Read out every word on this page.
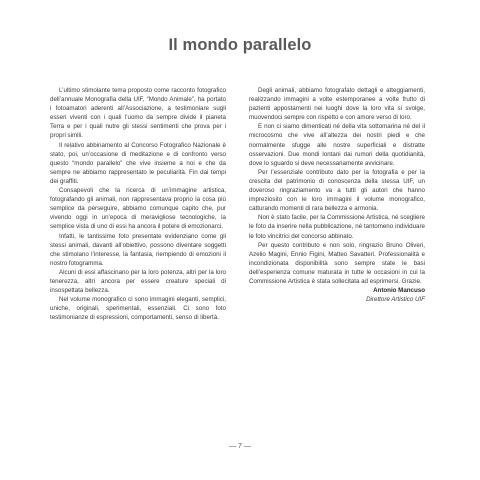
Il mondo parallelo

L’ultimo stimolante tema proposto come racconto fotografico dell’annuale Monografia della UIF, “Mondo Animale”, ha portato i fotoamatori aderenti all’Associazione, a testimoniare sugli esseri viventi con i quali l’uomo da sempre divide il pianeta Terra e per i quali nutre gli stessi sentimenti che prova per i propri simili.

Il relativo abbinamento al Concorso Fotografico Nazionale è stato, poi, un’occasione di meditazione e di confronto verso questo “mondo parallelo” che vive insieme a noi e che da sempre ne abbiamo rappresentato le peculiarità. Fin dai tempi dei graffiti.

Consapevoli che la ricerca di un’immagine artistica, fotografando gli animali, non rappresentava proprio la cosa più semplice da perseguire, abbiamo comunque capito che, pur vivendo oggi in un’epoca di meravigliose tecnologiche, la semplice vista di uno di essi ha ancora il potere di emozionarci.

Infatti, le tantissime foto presentate evidenziano come gli stessi animali, davanti all’obiettivo, possono diventare soggetti che stimolano l’interesse, la fantasia, riempiendo di emozioni il nostro fotogramma.

Alcuni di essi affascinano per la loro potenza, altri per la loro tenerezza, altri ancora per essere creature speciali di insospettata bellezza.

Nel volume monografico ci sono immagini eleganti, semplici, uniche, originali, sperimentali, essenziali. Ci sono foto testimonianze di espressioni, comportamenti, senso di libertà.

Degli animali, abbiamo fotografato dettagli e atteggiamenti, realizzando immagini a volte estemporanee a volte frutto di pazienti appostamenti nei luoghi dove la loro vita si svolge, muovendoci sempre con rispetto e con amore verso di loro.

E non ci siamo dimenticati né della vita sottomarina né del il microcosmo che vive all’altezza dei nostri piedi e che normalmente sfugge alle nostre superficiali e distratte osservazioni. Due mondi lontani dai rumori della quotidianità, dove lo sguardo si deve necessariamente avvicinare.

Per l’essenziale contributo dato per la fotografia e per la crescita del patrimonio di conoscenza della stessa UIF, un doveroso ringraziamento va a tutti gli autori che hanno impreziosito con le loro immagini il volume monografico, catturando momenti di rara bellezza e armonia.

Non è stato facile, per la Commissione Artistica, né scegliere le foto da inserire nella pubblicazione, né tantomeno individuare le foto vincitrici del concorso abbinato.

Per questo contributo e non solo, ringrazio Bruno Oliveri, Azelio Magini, Ennio Figini, Matteo Savatteri. Professionalità e incondizionata disponibilità sono sempre state le basi dell’esperienza comune maturata in tutte le occasioni in cui la Commissione Artistica è stata sollecitata ad esprimersi. Grazie.

Antonio Mancuso
Direttore Artistico UIF
— 7 —
